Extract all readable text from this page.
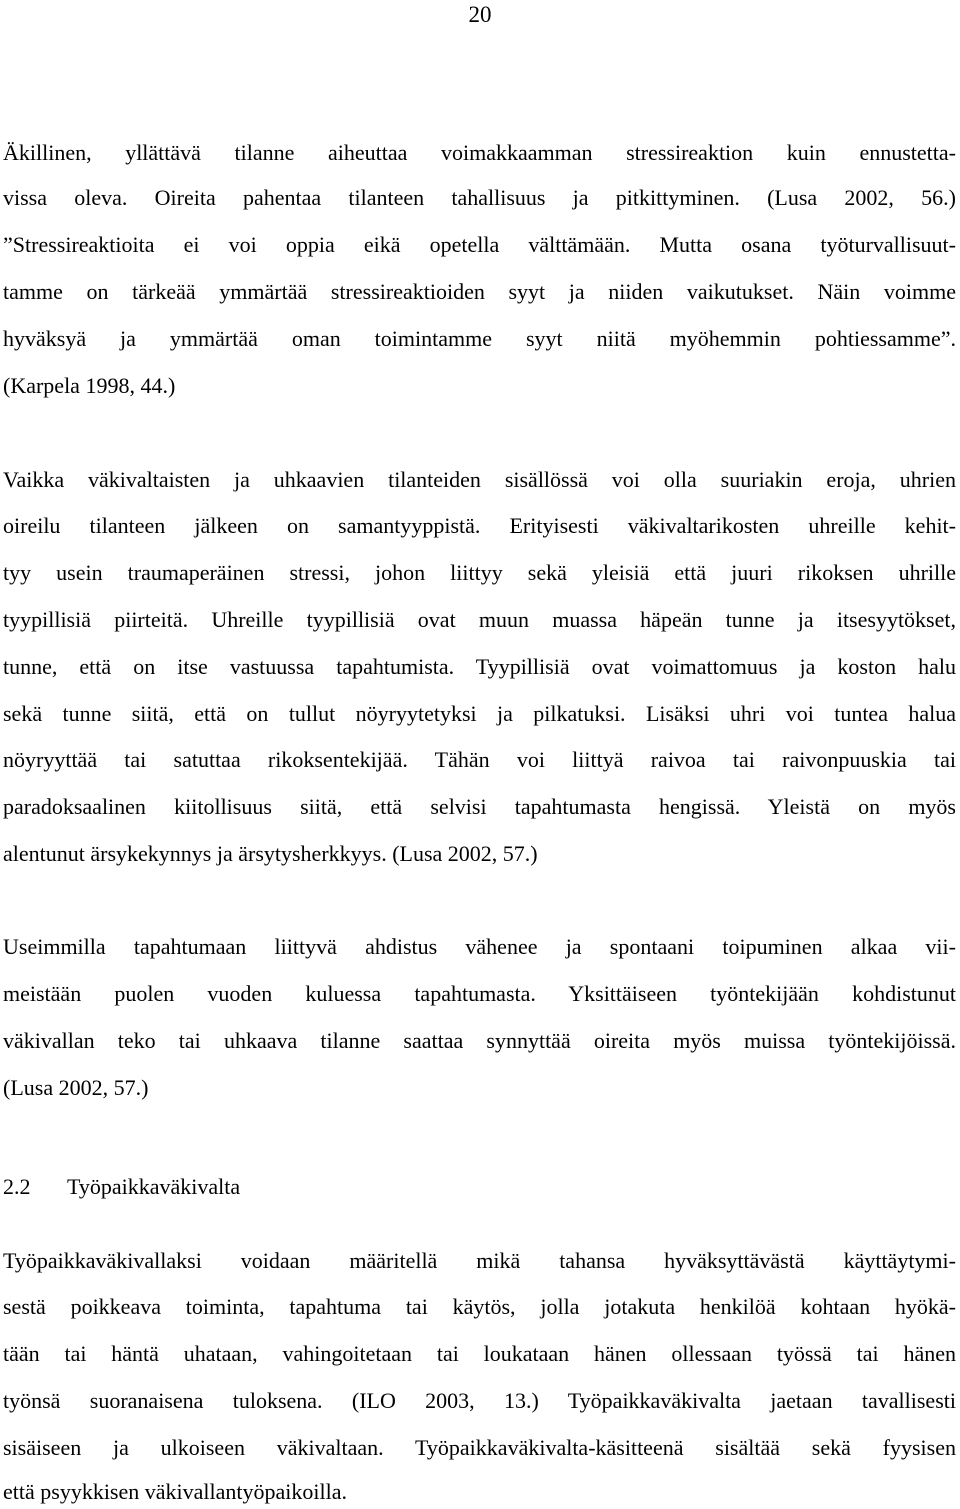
20
Äkillinen, yllättävä tilanne aiheuttaa voimakkaamman stressireaktion kuin ennustetta-
vissa oleva. Oireita pahentaa tilanteen tahallisuus ja pitkittyminen. (Lusa 2002, 56.)
”Stressireaktioita ei voi oppia eikä opetella välttämään. Mutta osana työturvallisuut-
tamme on tärkeää ymmärtää stressireaktioiden syyt ja niiden vaikutukset. Näin voimme
hyväksyä ja ymmärtää oman toimintamme syyt niitä myöhemmin pohtiessamme”.
(Karpela 1998, 44.)
Vaikka väkivaltaisten ja uhkaavien tilanteiden sisällössä voi olla suuriakin eroja, uhrien
oireilu tilanteen jälkeen on samantyyppistä. Erityisesti väkivaltarikosten uhreille kehit-
tyy usein traumaperäinen stressi, johon liittyy sekä yleisiä että juuri rikoksen uhrille
tyypillisiä piirteitä. Uhreille tyypillisiä ovat muun muassa häpeän tunne ja itsesyytökset,
tunne, että on itse vastuussa tapahtumista. Tyypillisiä ovat voimattomuus ja koston halu
sekä tunne siitä, että on tullut nöyryytetyksi ja pilkatuksi. Lisäksi uhri voi tuntea halua
nöyryyttää tai satuttaa rikoksentekijää. Tähän voi liittyä raivoa tai raivonpuuskia tai
paradoksaalinen kiitollisuus siitä, että selvisi tapahtumasta hengissä. Yleistä on myös
alentunut ärsykekynnys ja ärsytysherkkyys. (Lusa 2002, 57.)
Useimmilla tapahtumaan liittyvä ahdistus vähenee ja spontaani toipuminen alkaa vii-
meistään puolen vuoden kuluessa tapahtumasta. Yksittäiseen työntekijään kohdistunut
väkivallan teko tai uhkaava tilanne saattaa synnyttää oireita myös muissa työntekijöissä.
(Lusa 2002, 57.)
2.2 Työpaikkaväkivalta
Työpaikkaväkivallaksi voidaan määritellä mikä tahansa hyväksyttävästä käyttäytymi-
sestä poikkeava toiminta, tapahtuma tai käytös, jolla jotakuta henkilöä kohtaan hyökä-
tään tai häntä uhataan, vahingoitetaan tai loukataan hänen ollessaan työssä tai hänen
työnsä suoranaisena tuloksena. (ILO 2003, 13.) Työpaikkaväkivalta jaetaan tavallisesti
sisäiseen ja ulkoiseen väkivaltaan. Työpaikkaväkivalta-käsitteenä sisältää sekä fyysisen
että psyykkisen väkivallantyöpaikoilla.
